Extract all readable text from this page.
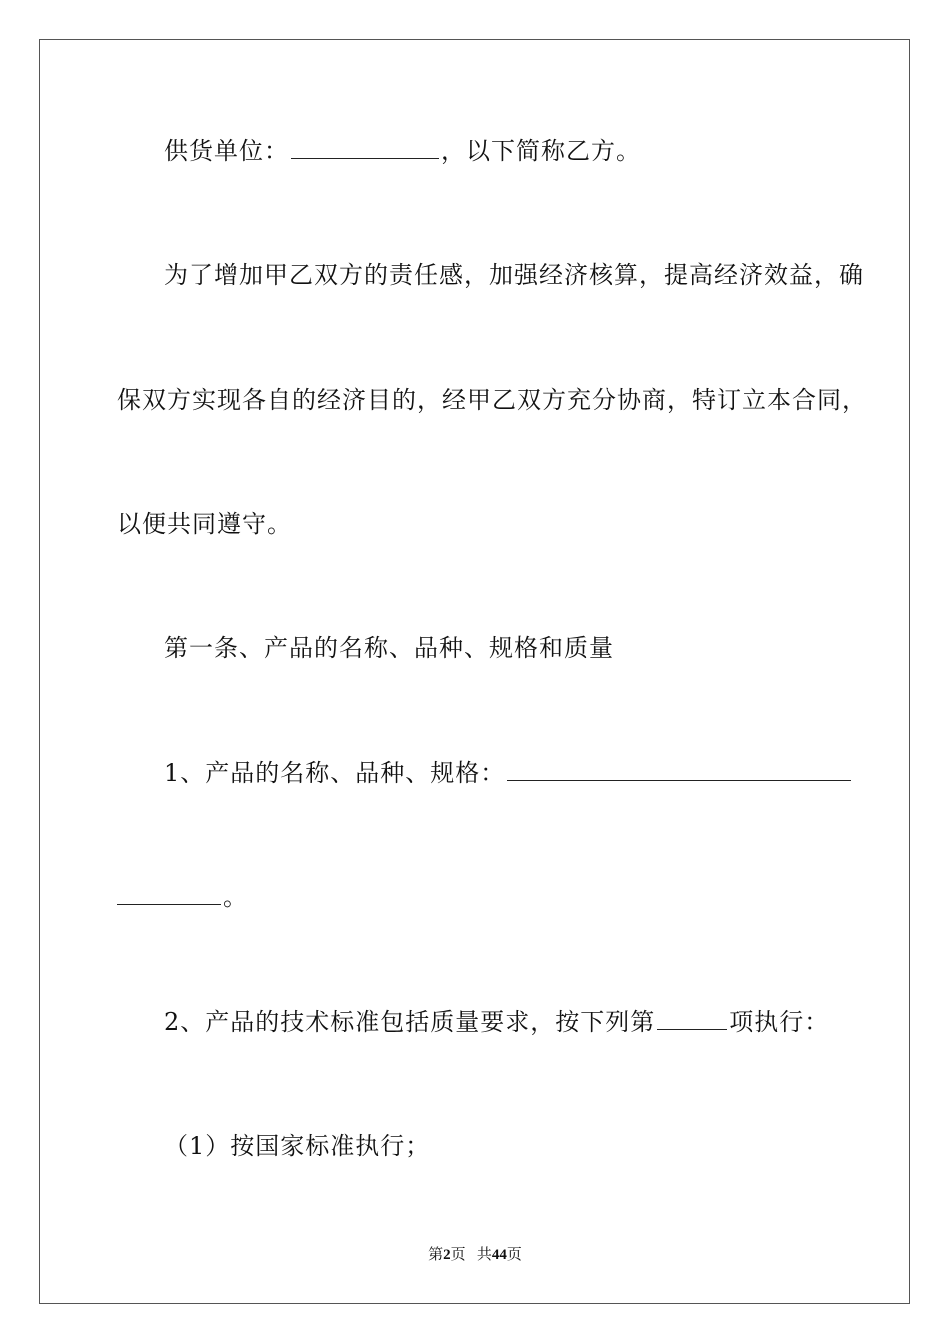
供货单位：	，以下简称乙方。
为了增加甲乙双方的责任感，加强经济核算，提高经济效益，确
保双方实现各自的经济目的，经甲乙双方充分协商，特订立本合同，
以便共同遵守。
第一条、产品的名称、品种、规格和质量
1、产品的名称、品种、规格：
。
2、产品的技术标准包括质量要求，按下列第	项执行：
（1）按国家标准执行；
第2页 共44页
